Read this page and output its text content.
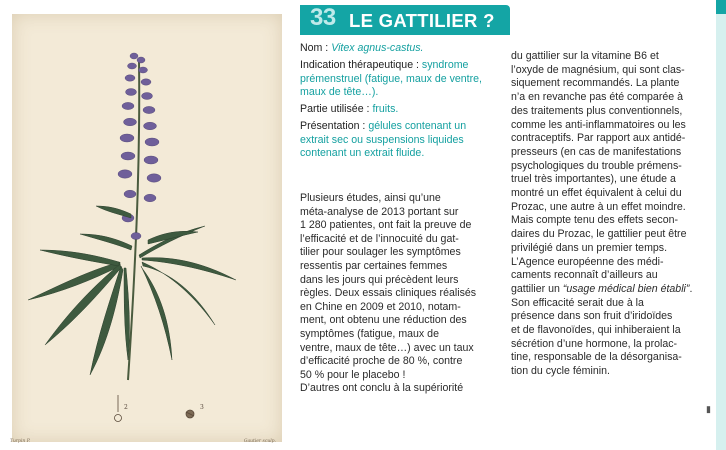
2	3
Turpin P.	Gautier sculp.
33 LE GATTILIER ?
▮

Nom : Vitex agnus-castus.

Indication thérapeutique : syndrome prémenstruel (fatigue, maux de ventre, maux de tête…).

Partie utilisée : fruits.

Présentation : gélules contenant un extrait sec ou suspensions liquides contenant un extrait fluide.

Plusieurs études, ainsi qu’une
méta-analyse de 2013 portant sur
1 280 patientes, ont fait la preuve de
l’efficacité et de l’innocuité du gat-
tilier pour soulager les symptômes
ressentis par certaines femmes
dans les jours qui précèdent leurs
règles. Deux essais cliniques réalisés
en Chine en 2009 et 2010, notam-
ment, ont obtenu une réduction des
symptômes (fatigue, maux de
ventre, maux de tête…) avec un taux
d’efficacité proche de 80 %, contre
50 % pour le placebo !
D’autres ont conclu à la supériorité
du gattilier sur la vitamine B6 et
l’oxyde de magnésium, qui sont clas-
siquement recommandés. La plante
n’a en revanche pas été comparée à
des traitements plus conventionnels,
comme les anti-inflammatoires ou les
contraceptifs. Par rapport aux antidé-
presseurs (en cas de manifestations
psychologiques du trouble prémens-
truel très importantes), une étude a
montré un effet équivalent à celui du
Prozac, une autre à un effet moindre.
Mais compte tenu des effets secon-
daires du Prozac, le gattilier peut être
privilégié dans un premier temps.
L’Agence européenne des médi-
caments reconnaît d’ailleurs au
gattilier un “usage médical bien établi”. Son efficacité serait due à la
présence dans son fruit d’iridoïdes
et de flavonoïdes, qui inhiberaient la
sécrétion d’une hormone, la prolac-
tine, responsable de la désorganisa-
tion du cycle féminin.
